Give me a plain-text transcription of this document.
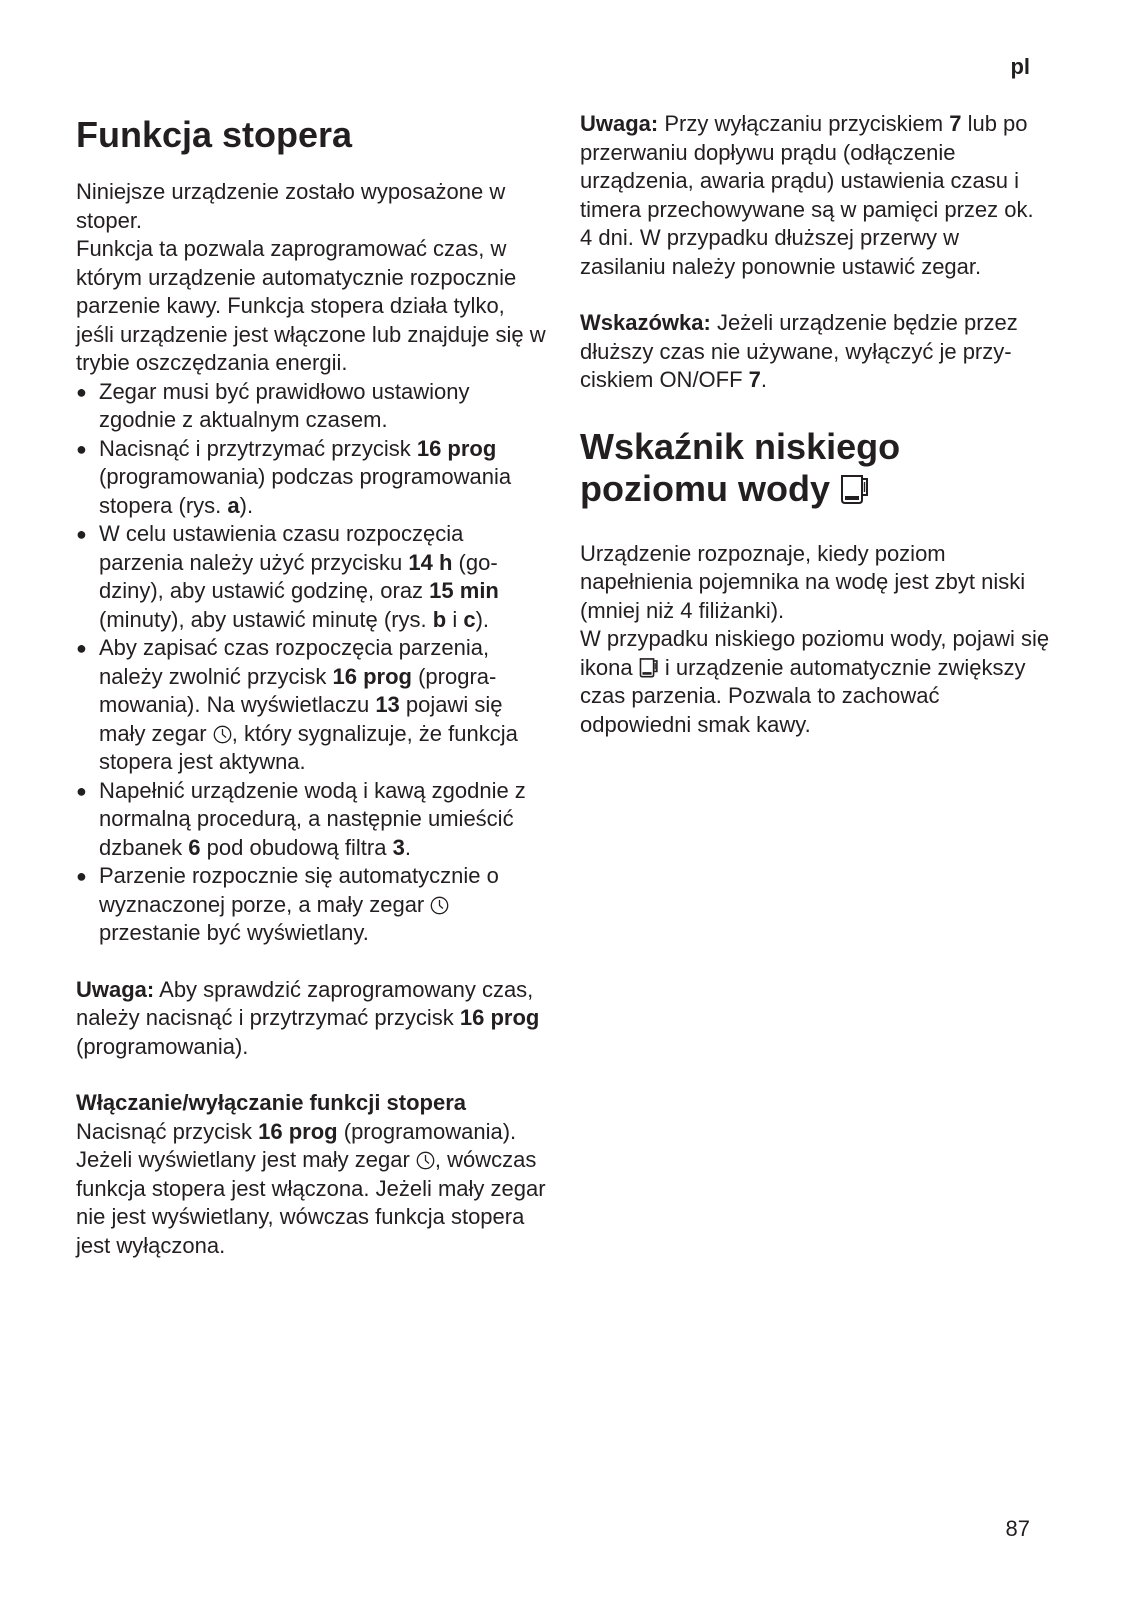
pl
Funkcja stopera

Niniejsze urządzenie zostało wyposażone w stoper.

Funkcja ta pozwala zaprogramować czas, w którym urządzenie automatycznie rozpocznie parzenie kawy. Funkcja stopera działa tylko, jeśli urządzenie jest włączone lub znajduje się w trybie oszczędzania energii.

● Zegar musi być prawidłowo ustawiony zgodnie z aktualnym czasem.
● Nacisnąć i przytrzymać przycisk 16 prog (programowania) podczas programowania stopera (rys. a).
● W celu ustawienia czasu rozpoczęcia parzenia należy użyć przycisku 14 h (godziny), aby ustawić godzinę, oraz 15 min (minuty), aby ustawić minutę (rys. b i c).
● Aby zapisać czas rozpoczęcia parzenia, należy zwolnić przycisk 16 prog (programowania). Na wyświetlaczu 13 pojawi się mały zegar
, który sygnalizuje, że funkcja stopera jest aktywna.
● Napełnić urządzenie wodą i kawą zgodnie z normalną procedurą, a następnie umieścić dzbanek 6 pod obudową filtra 3.
● Parzenie rozpocznie się automatycznie o wyznaczonej porze, a mały zegar
przestanie być wyświetlany.

Uwaga: Aby sprawdzić zaprogramowany czas, należy nacisnąć i przytrzymać przycisk 16 prog (programowania).

Włączanie/wyłączanie funkcji stopera

Nacisnąć przycisk 16 prog (programowania). Jeżeli wyświetlany jest mały zegar
, wówczas funkcja stopera jest włączona. Jeżeli mały zegar nie jest wyświetlany, wówczas funkcja stopera jest wyłączona.

Uwaga: Przy wyłączaniu przyciskiem 7 lub po przerwaniu dopływu prądu (odłączenie urządzenia, awaria prądu) ustawienia czasu i timera przechowywane są w pamięci przez ok. 4 dni. W przypadku dłuższej przerwy w zasilaniu należy ponownie ustawić zegar.

Wskazówka: Jeżeli urządzenie będzie przez dłuższy czas nie używane, wyłączyć je przyciskiem ON/OFF 7.

Wskaźnik niskiego
poziomu wody

Urządzenie rozpoznaje, kiedy poziom napełnienia pojemnika na wodę jest zbyt niski (mniej niż 4 filiżanki).

W przypadku niskiego poziomu wody, pojawi się ikona
i urządzenie automatycznie zwiększy czas parzenia. Pozwala to zachować odpowiedni smak kawy.

87
